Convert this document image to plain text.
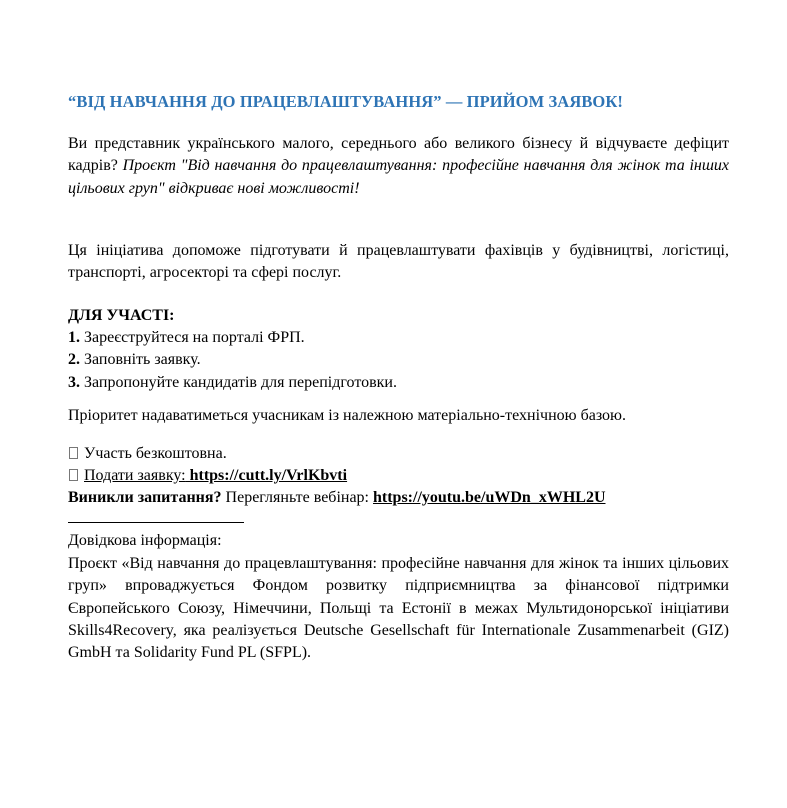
“ВІД НАВЧАННЯ ДО ПРАЦЕВЛАШТУВАННЯ” — ПРИЙОМ ЗАЯВОК!
Ви представник українського малого, середнього або великого бізнесу й відчуваєте дефіцит кадрів? Проєкт "Від навчання до працевлаштування: професійне навчання для жінок та інших цільових груп" відкриває нові можливості!
Ця ініціатива допоможе підготувати й працевлаштувати фахівців у будівництві, логістиці, транспорті, агросекторі та сфері послуг.
ДЛЯ УЧАСТІ:
1. Зареєструйтеся на порталі ФРП.
2. Заповніть заявку.
3. Запропонуйте кандидатів для перепідготовки.
Пріоритет надаватиметься учасникам із належною матеріально-технічною базою.
Участь безкоштовна.
Подати заявку: https://cutt.ly/VrlKbvti
Виникли запитання? Перегляньте вебінар: https://youtu.be/uWDn_xWHL2U
Довідкова інформація:
Проєкт «Від навчання до працевлаштування: професійне навчання для жінок та інших цільових груп» впроваджується Фондом розвитку підприємництва за фінансової підтримки Європейського Союзу, Німеччини, Польщі та Естонії в межах Мультидонорської ініціативи Skills4Recovery, яка реалізується Deutsche Gesellschaft für Internationale Zusammenarbeit (GIZ) GmbH та Solidarity Fund PL (SFPL).
